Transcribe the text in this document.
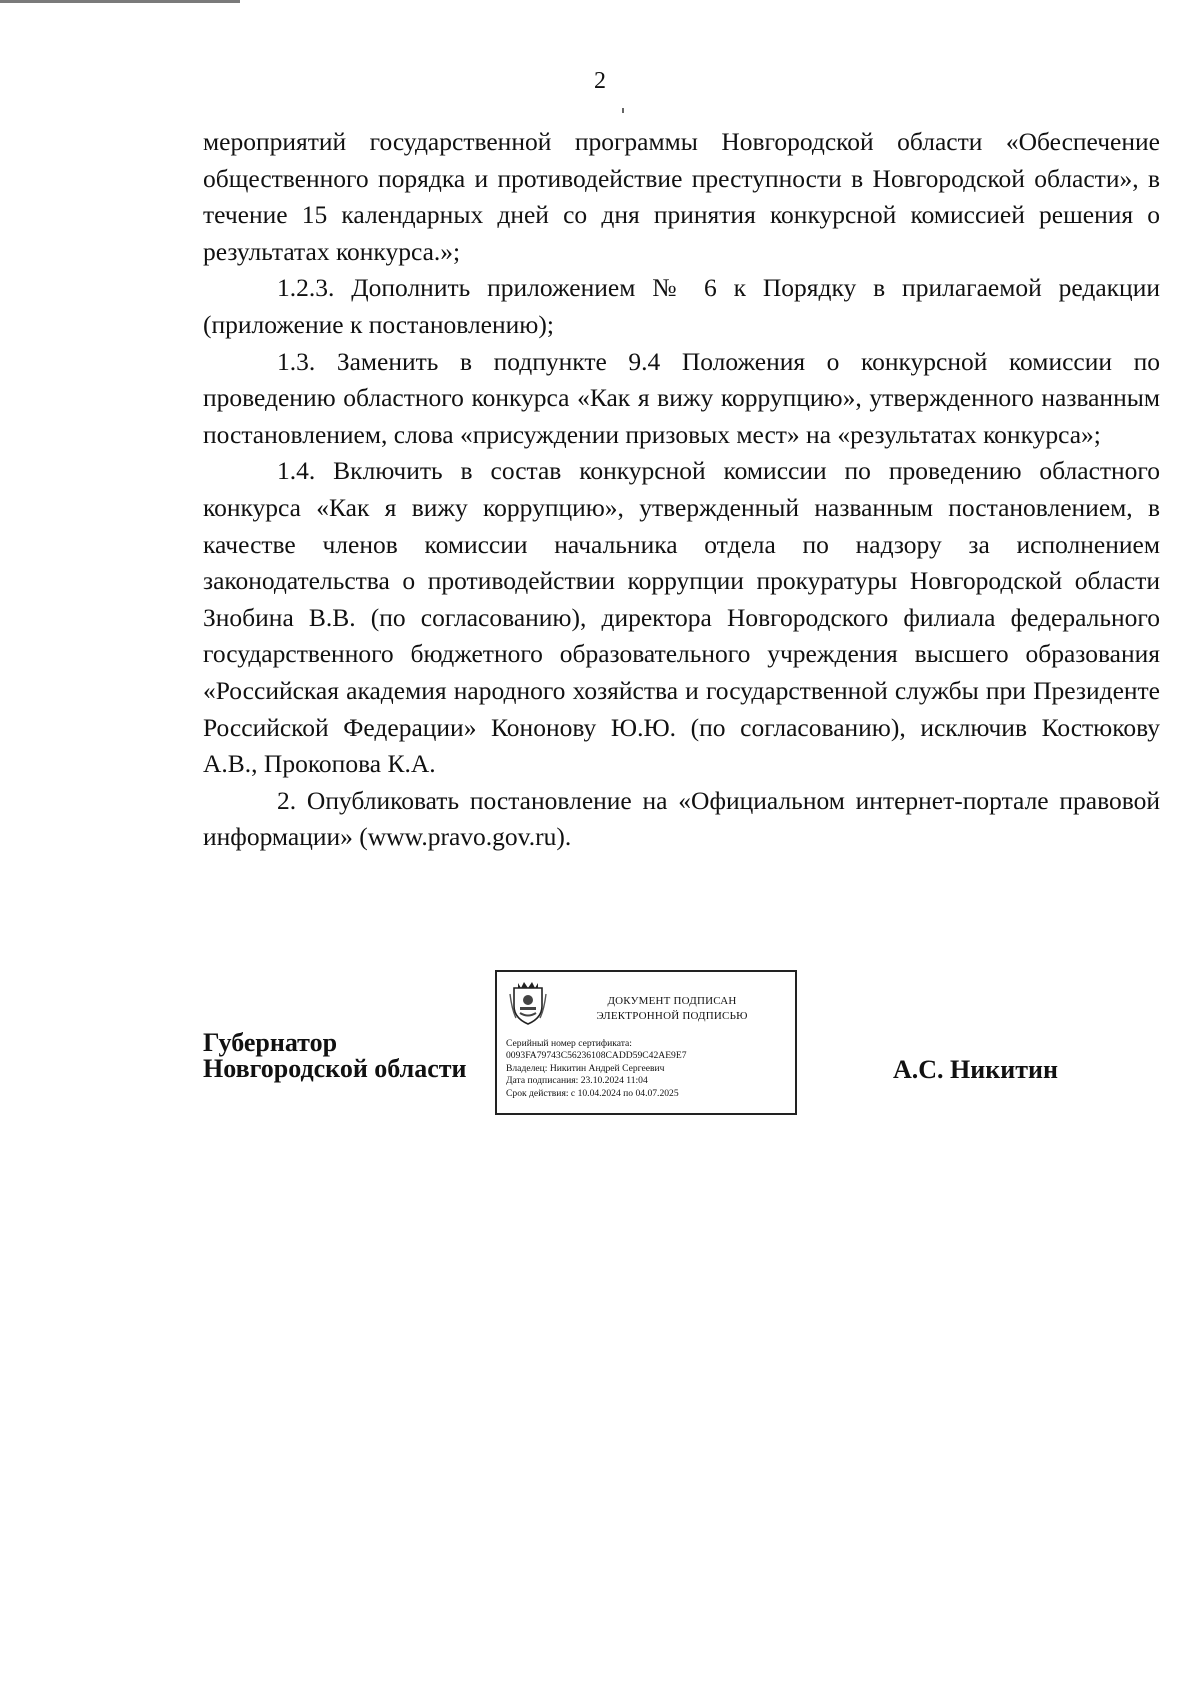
2

мероприятий государственной программы Новгородской области «Обеспечение общественного порядка и противодействие преступности в Новгородской области», в течение 15 календарных дней со дня принятия конкурсной комиссией решения о результатах конкурса.»;

1.2.3. Дополнить приложением № 6 к Порядку в прилагаемой редакции (приложение к постановлению);

1.3. Заменить в подпункте 9.4 Положения о конкурсной комиссии по проведению областного конкурса «Как я вижу коррупцию», утвержденного названным постановлением, слова «присуждении призовых мест» на «результатах конкурса»;

1.4. Включить в состав конкурсной комиссии по проведению областного конкурса «Как я вижу коррупцию», утвержденный названным постановлением, в качестве членов комиссии начальника отдела по надзору за исполнением законодательства о противодействии коррупции прокуратуры Новгородской области Знобина В.В. (по согласованию), директора Новгородского филиала федерального государственного бюджетного образовательного учреждения высшего образования «Российская академия народного хозяйства и государственной службы при Президенте Российской Федерации» Кононову Ю.Ю. (по согласованию), исключив Костюкову А.В., Прокопова К.А.

2. Опубликовать постановление на «Официальном интернет-портале правовой информации» (www.pravo.gov.ru).

Губернатор
Новгородской области
ДОКУМЕНТ ПОДПИСАН
ЭЛЕКТРОННОЙ ПОДПИСЬЮ
Серийный номер сертификата:
0093FA79743C56236108CADD59C42AE9E7
Владелец: Никитин Андрей Сергеевич
Дата подписания: 23.10.2024 11:04
Срок действия: с 10.04.2024 по 04.07.2025
А.С. Никитин
